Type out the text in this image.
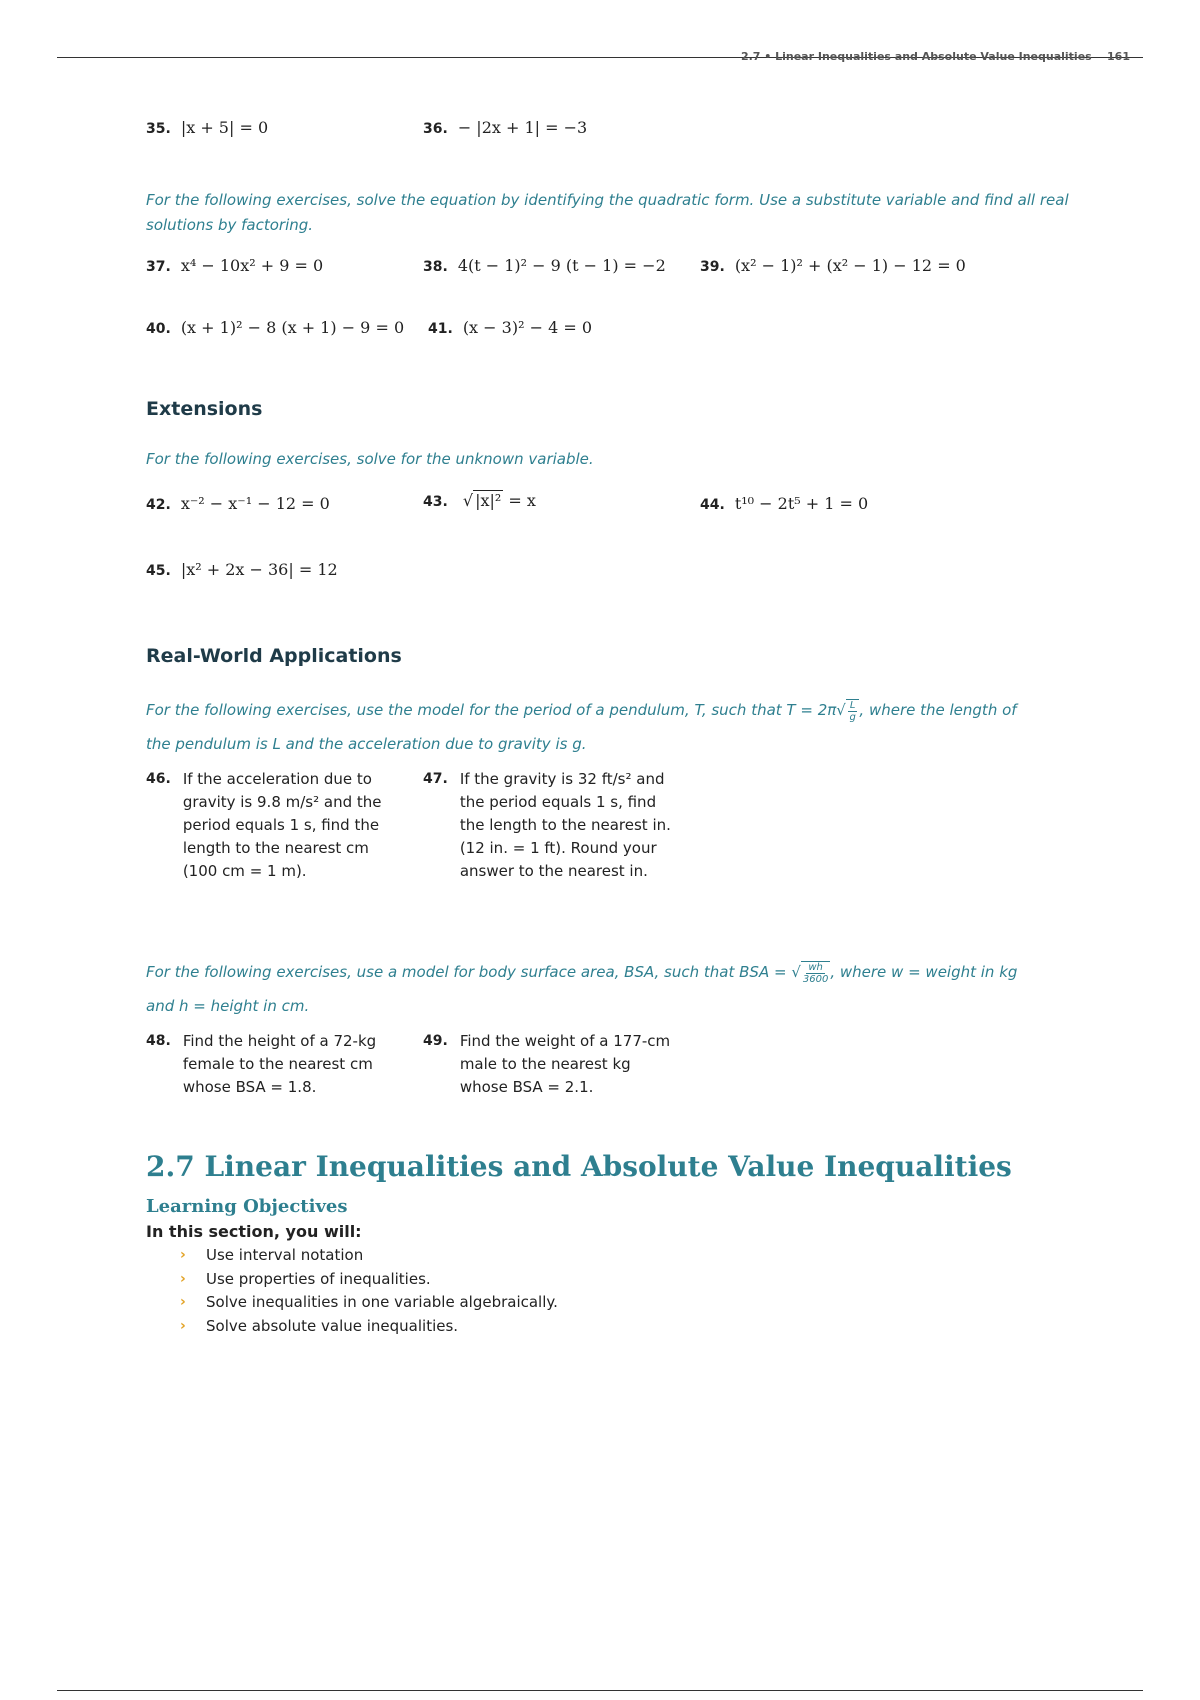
2.7 • Linear Inequalities and Absolute Value Inequalities 161
35. |x + 5| = 0	36. − |2x + 1| = −3
For the following exercises, solve the equation by identifying the quadratic form. Use a substitute variable and find all real solutions by factoring.
37. x⁴ − 10x² + 9 = 0	38. 4(t − 1)² − 9 (t − 1) = −2 39. (x² − 1)² + (x² − 1) − 12 = 0
40. (x + 1)² − 8 (x + 1) − 9 = 0 41. (x − 3)² − 4 = 0
Extensions
For the following exercises, solve for the unknown variable.
42. x⁻² − x⁻¹ − 12 = 0	43. √ |x|² = x	44. t¹⁰ − 2t⁵ + 1 = 0
45. |x² + 2x − 36| = 12
Real-World Applications
For the following exercises, use the model for the period of a pendulum, T, such that $T = 2\pi√ \frac{L}{g}$ , where the length of
the pendulum is L and the acceleration due to gravity is g.
46. If the acceleration due to gravity is 9.8 m/s² and the period equals 1 s, find the length to the nearest cm (100 cm = 1 m).
47. If the gravity is 32 ft/s² and the period equals 1 s, find the length to the nearest in. (12 in. = 1 ft). Round your answer to the nearest in.
For the following exercises, use a model for body surface area, BSA, such that BSA = √ $\frac{wh}{3600}$ , where w = weight in kg
and h = height in cm.
48. Find the height of a 72-kg female to the nearest cm whose BSA = 1.8.
49. Find the weight of a 177-cm male to the nearest kg whose BSA = 2.1.
2.7 Linear Inequalities and Absolute Value Inequalities
Learning Objectives
In this section, you will:
›	Use interval notation
›	Use properties of inequalities.
›	Solve inequalities in one variable algebraically.
›	Solve absolute value inequalities.
